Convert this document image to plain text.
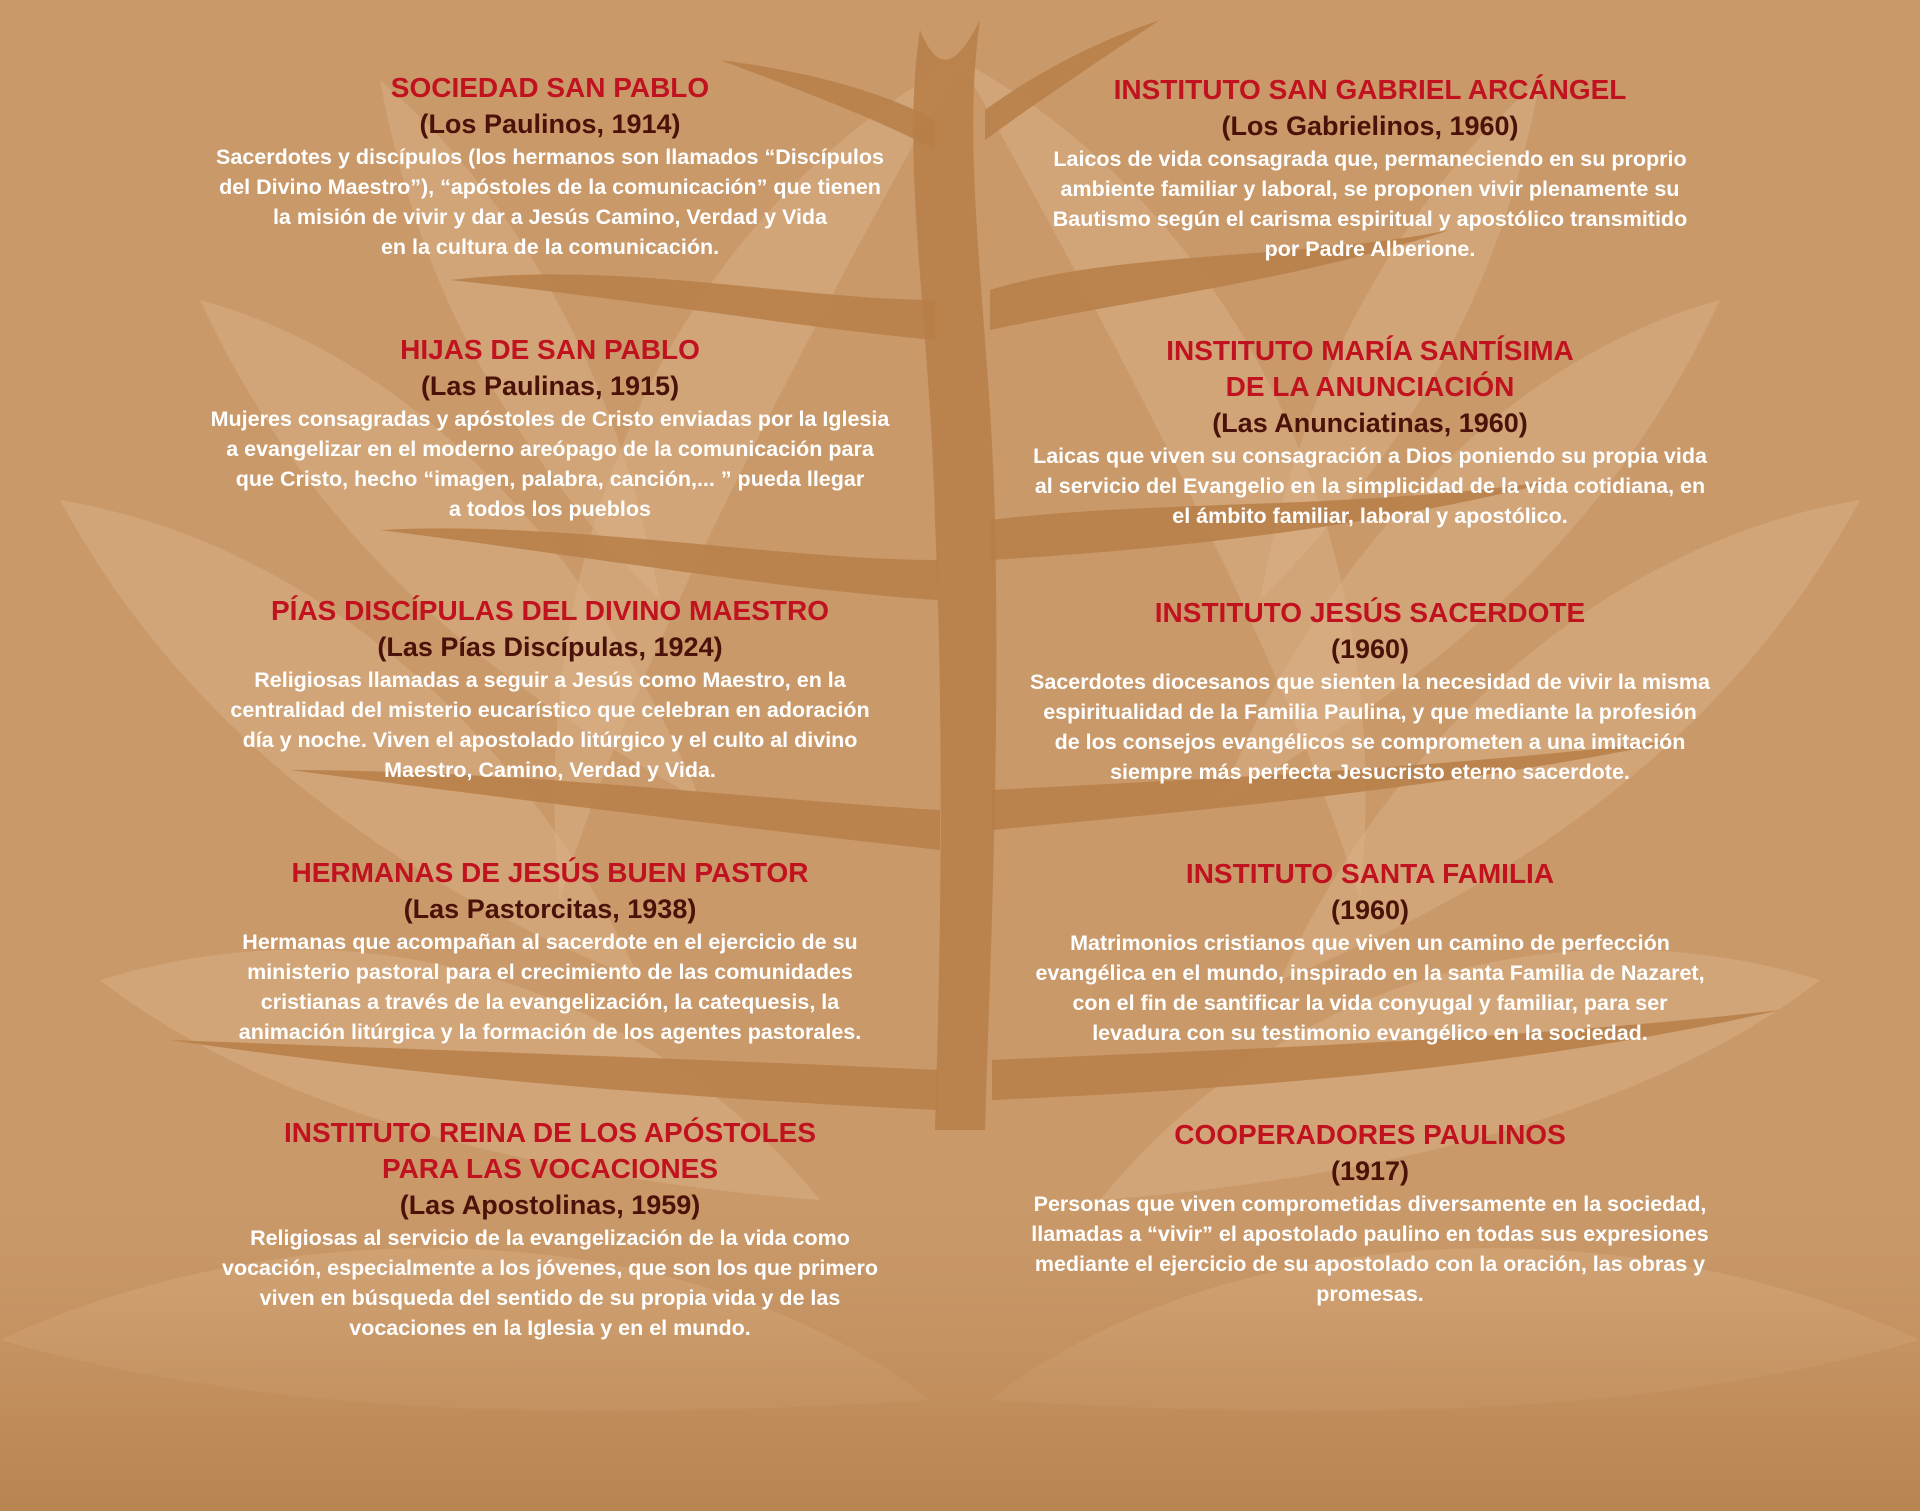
SOCIEDAD SAN PABLO
(Los Paulinos, 1914)
Sacerdotes y discípulos (los hermanos son llamados “Discípulos
del Divino Maestro”), “apóstoles de la comunicación” que tienen
la misión de vivir y dar a Jesús Camino, Verdad y Vida
en la cultura de la comunicación.
HIJAS DE SAN PABLO
(Las Paulinas, 1915)
Mujeres consagradas y apóstoles de Cristo enviadas por la Iglesia
a evangelizar en el moderno areópago de la comunicación para
que Cristo, hecho “imagen, palabra, canción,... ” pueda llegar
a todos los pueblos
PÍAS DISCÍPULAS DEL DIVINO MAESTRO
(Las Pías Discípulas, 1924)
Religiosas llamadas a seguir a Jesús como Maestro, en la
centralidad del misterio eucarístico que celebran en adoración
día y noche. Viven el apostolado litúrgico y el culto al divino
Maestro, Camino, Verdad y Vida.
HERMANAS DE JESÚS BUEN PASTOR
(Las Pastorcitas, 1938)
Hermanas que acompañan al sacerdote en el ejercicio de su
ministerio pastoral para el crecimiento de las comunidades
cristianas a través de la evangelización, la catequesis, la
animación litúrgica y la formación de los agentes pastorales.
INSTITUTO REINA DE LOS APÓSTOLES
PARA LAS VOCACIONES
(Las Apostolinas, 1959)
Religiosas al servicio de la evangelización de la vida como
vocación, especialmente a los jóvenes, que son los que primero
viven en búsqueda del sentido de su propia vida y de las
vocaciones en la Iglesia y en el mundo.
INSTITUTO SAN GABRIEL ARCÁNGEL
(Los Gabrielinos, 1960)
Laicos de vida consagrada que, permaneciendo en su proprio
ambiente familiar y laboral, se proponen vivir plenamente su
Bautismo según el carisma espiritual y apostólico transmitido
por Padre Alberione.
INSTITUTO MARÍA SANTÍSIMA
DE LA ANUNCIACIÓN
(Las Anunciatinas, 1960)
Laicas que viven su consagración a Dios poniendo su propia vida
al servicio del Evangelio en la simplicidad de la vida cotidiana, en
el ámbito familiar, laboral y apostólico.
INSTITUTO JESÚS SACERDOTE
(1960)
Sacerdotes diocesanos que sienten la necesidad de vivir la misma
espiritualidad de la Familia Paulina, y que mediante la profesión
de los consejos evangélicos se comprometen a una imitación
siempre más perfecta Jesucristo eterno sacerdote.
INSTITUTO SANTA FAMILIA
(1960)
Matrimonios cristianos que viven un camino de perfección
evangélica en el mundo, inspirado en la santa Familia de Nazaret,
con el fin de santificar la vida conyugal y familiar, para ser
levadura con su testimonio evangélico en la sociedad.
COOPERADORES PAULINOS
(1917)
Personas que viven comprometidas diversamente en la sociedad,
llamadas a “vivir” el apostolado paulino en todas sus expresiones
mediante el ejercicio de su apostolado con la oración, las obras y
promesas.
